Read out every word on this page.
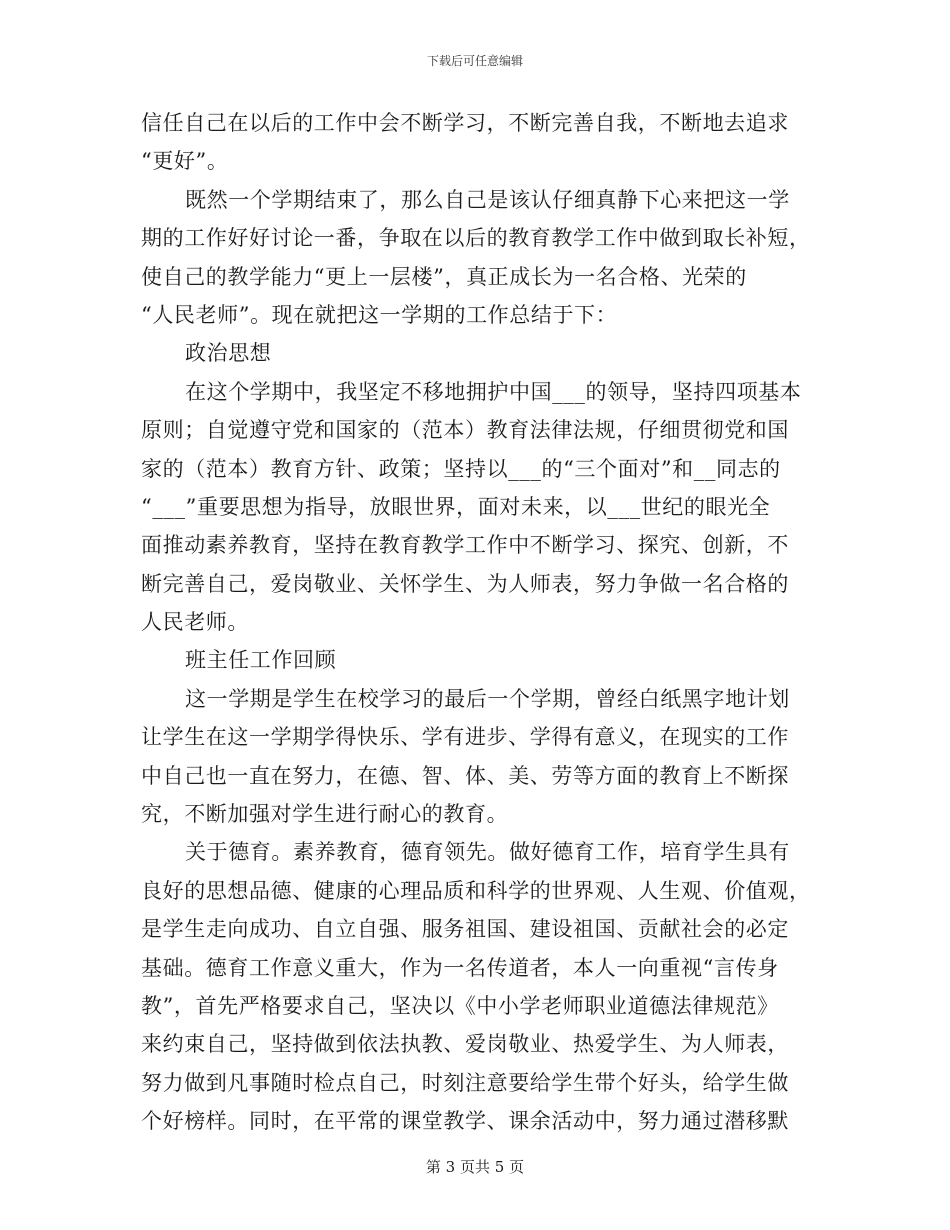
下载后可任意编辑
信任自己在以后的工作中会不断学习，不断完善自我，不断地去追求
“更好”。
既然一个学期结束了，那么自己是该认仔细真静下心来把这一学
期的工作好好讨论一番，争取在以后的教育教学工作中做到取长补短，
使自己的教学能力“更上一层楼”，真正成长为一名合格、光荣的
“人民老师”。现在就把这一学期的工作总结于下：
政治思想
在这个学期中，我坚定不移地拥护中国___的领导，坚持四项基本
原则；自觉遵守党和国家的（范本）教育法律法规，仔细贯彻党和国
家的（范本）教育方针、政策；坚持以___的“三个面对”和__同志的
“___”重要思想为指导，放眼世界，面对未来，以___世纪的眼光全
面推动素养教育，坚持在教育教学工作中不断学习、探究、创新，不
断完善自己，爱岗敬业、关怀学生、为人师表，努力争做一名合格的
人民老师。
班主任工作回顾
这一学期是学生在校学习的最后一个学期，曾经白纸黑字地计划
让学生在这一学期学得快乐、学有进步、学得有意义，在现实的工作
中自己也一直在努力，在德、智、体、美、劳等方面的教育上不断探
究，不断加强对学生进行耐心的教育。
关于德育。素养教育，德育领先。做好德育工作，培育学生具有
良好的思想品德、健康的心理品质和科学的世界观、人生观、价值观，
是学生走向成功、自立自强、服务祖国、建设祖国、贡献社会的必定
基础。德育工作意义重大，作为一名传道者，本人一向重视“言传身
教”，首先严格要求自己，坚决以《中小学老师职业道德法律规范》
来约束自己，坚持做到依法执教、爱岗敬业、热爱学生、为人师表，
努力做到凡事随时检点自己，时刻注意要给学生带个好头，给学生做
个好榜样。同时，在平常的课堂教学、课余活动中，努力通过潜移默
第 3 页共 5 页
